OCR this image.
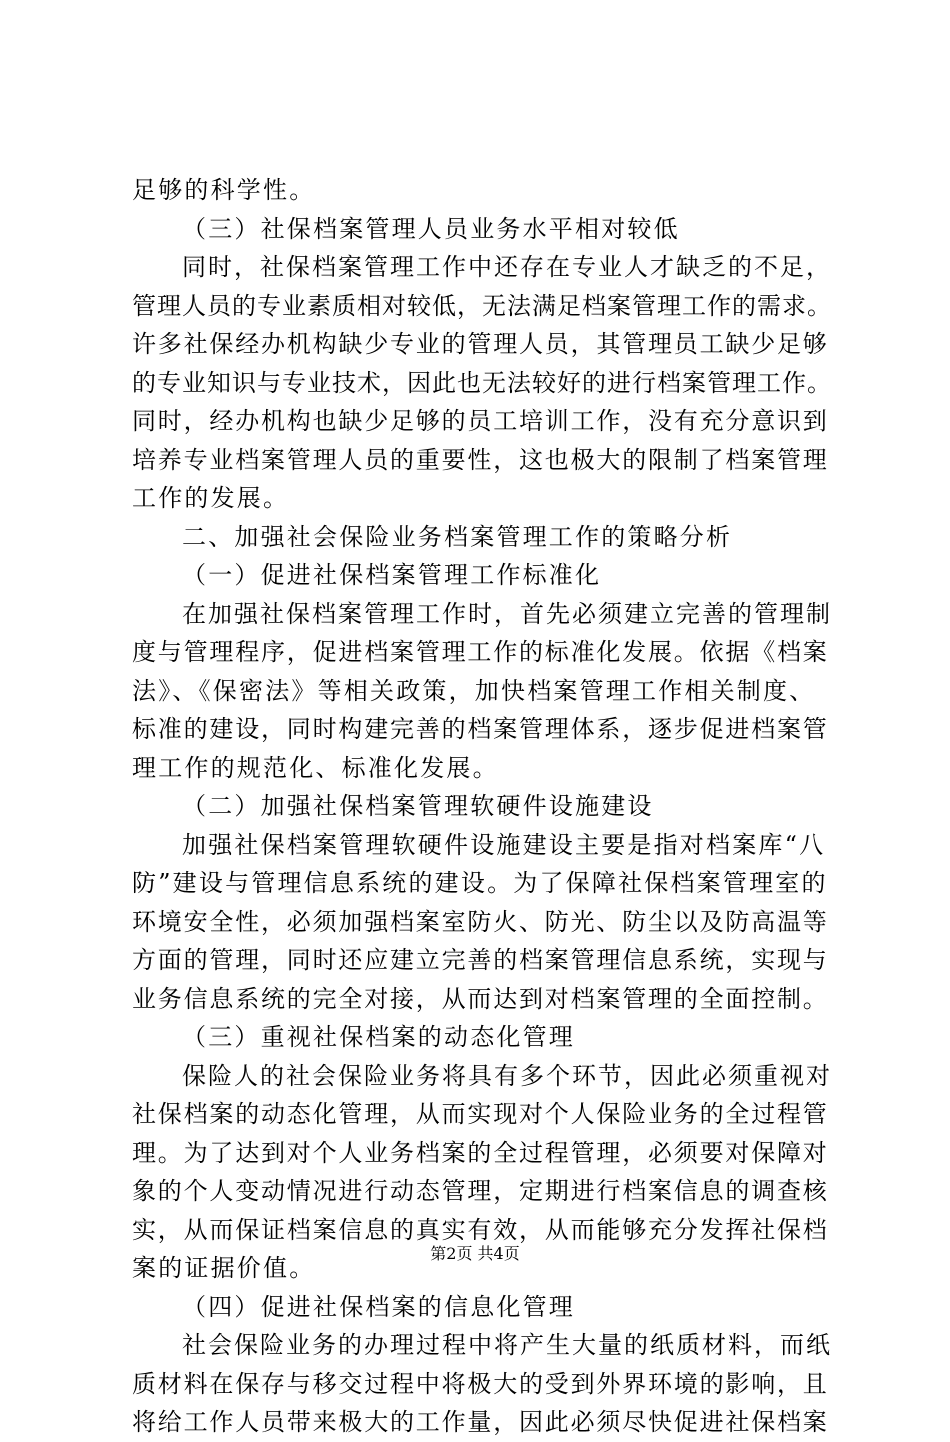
足够的科学性。
（三）社保档案管理人员业务水平相对较低
同时，社保档案管理工作中还存在专业人才缺乏的不足，
管理人员的专业素质相对较低，无法满足档案管理工作的需求。
许多社保经办机构缺少专业的管理人员，其管理员工缺少足够
的专业知识与专业技术，因此也无法较好的进行档案管理工作。
同时，经办机构也缺少足够的员工培训工作，没有充分意识到
培养专业档案管理人员的重要性，这也极大的限制了档案管理
工作的发展。
二、加强社会保险业务档案管理工作的策略分析
（一）促进社保档案管理工作标准化
在加强社保档案管理工作时，首先必须建立完善的管理制
度与管理程序，促进档案管理工作的标准化发展。依据《档案
法》、《保密法》等相关政策，加快档案管理工作相关制度、
标准的建设，同时构建完善的档案管理体系，逐步促进档案管
理工作的规范化、标准化发展。
（二）加强社保档案管理软硬件设施建设
加强社保档案管理软硬件设施建设主要是指对档案库“八
防”建设与管理信息系统的建设。为了保障社保档案管理室的
环境安全性，必须加强档案室防火、防光、防尘以及防高温等
方面的管理，同时还应建立完善的档案管理信息系统，实现与
业务信息系统的完全对接，从而达到对档案管理的全面控制。
（三）重视社保档案的动态化管理
保险人的社会保险业务将具有多个环节，因此必须重视对
社保档案的动态化管理，从而实现对个人保险业务的全过程管
理。为了达到对个人业务档案的全过程管理，必须要对保障对
象的个人变动情况进行动态管理，定期进行档案信息的调查核
实，从而保证档案信息的真实有效，从而能够充分发挥社保档
案的证据价值。
（四）促进社保档案的信息化管理
社会保险业务的办理过程中将产生大量的纸质材料，而纸
质材料在保存与移交过程中将极大的受到外界环境的影响，且
将给工作人员带来极大的工作量，因此必须尽快促进社保档案
第2页 共4页
